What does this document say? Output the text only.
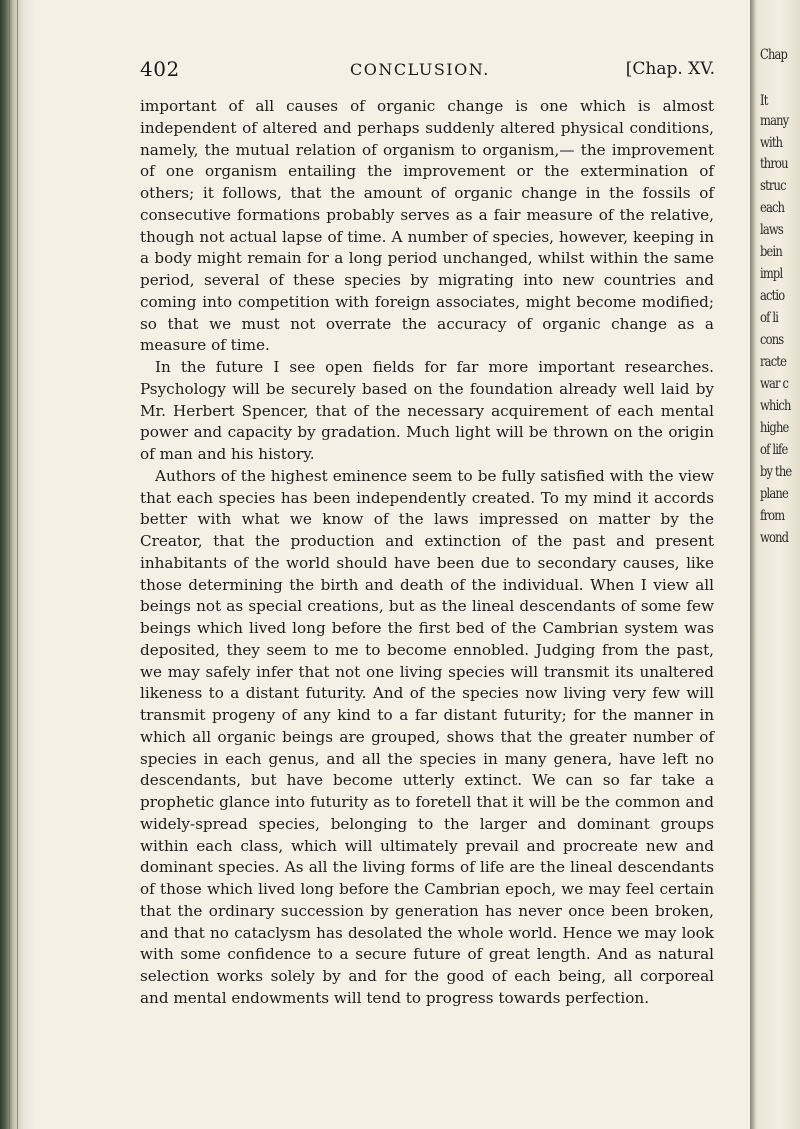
Chap
It
many
with
throu
struc
each
laws
bein
impl
actio
of li
cons
racte
war c
which
highe
of life
by the
plane
from
wond
402	CONCLUSION.	[Chap. XV.

important of all causes of organic change is one which is almost independent of altered and perhaps suddenly altered physical conditions, namely, the mutual relation of organism to organism,— the improvement of one organism entailing the improvement or the extermination of others; it follows, that the amount of organic change in the fossils of consecutive formations probably serves as a fair measure of the relative, though not actual lapse of time. A number of species, however, keeping in a body might remain for a long period unchanged, whilst within the same period, several of these species by migrating into new countries and coming into competition with foreign associates, might become modified; so that we must not overrate the accuracy of organic change as a measure of time.

In the future I see open fields for far more important researches. Psychology will be securely based on the foundation already well laid by Mr. Herbert Spencer, that of the necessary acquirement of each mental power and capacity by gradation. Much light will be thrown on the origin of man and his history.

Authors of the highest eminence seem to be fully satisfied with the view that each species has been independently created. To my mind it accords better with what we know of the laws impressed on matter by the Creator, that the production and extinction of the past and present inhabitants of the world should have been due to secondary causes, like those determining the birth and death of the individual. When I view all beings not as special creations, but as the lineal descendants of some few beings which lived long before the first bed of the Cambrian system was deposited, they seem to me to become ennobled. Judging from the past, we may safely infer that not one living species will transmit its unaltered likeness to a distant futurity. And of the species now living very few will transmit progeny of any kind to a far distant futurity; for the manner in which all organic beings are grouped, shows that the greater number of species in each genus, and all the species in many genera, have left no descendants, but have become utterly extinct. We can so far take a prophetic glance into futurity as to foretell that it will be the common and widely-spread species, belonging to the larger and dominant groups within each class, which will ultimately prevail and procreate new and dominant species. As all the living forms of life are the lineal descendants of those which lived long before the Cambrian epoch, we may feel certain that the ordinary succession by generation has never once been broken, and that no cataclysm has desolated the whole world. Hence we may look with some confidence to a secure future of great length. And as natural selection works solely by and for the good of each being, all corporeal and mental endowments will tend to progress towards perfection.
